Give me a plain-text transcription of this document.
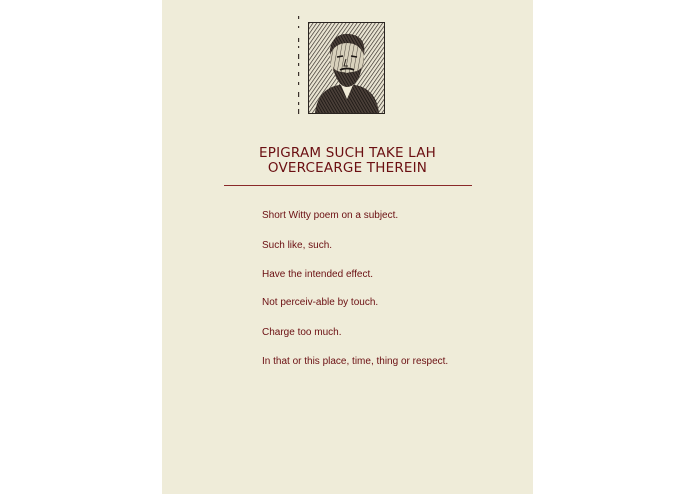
EPIGRAM SUCH TAKE LAH
OVERCEARGE THEREIN
Short Witty poem on a subject.
Such like, such.
Have the intended effect.
Not perceiv-able by touch.
Charge too much.
In that or this place, time, thing or respect.
